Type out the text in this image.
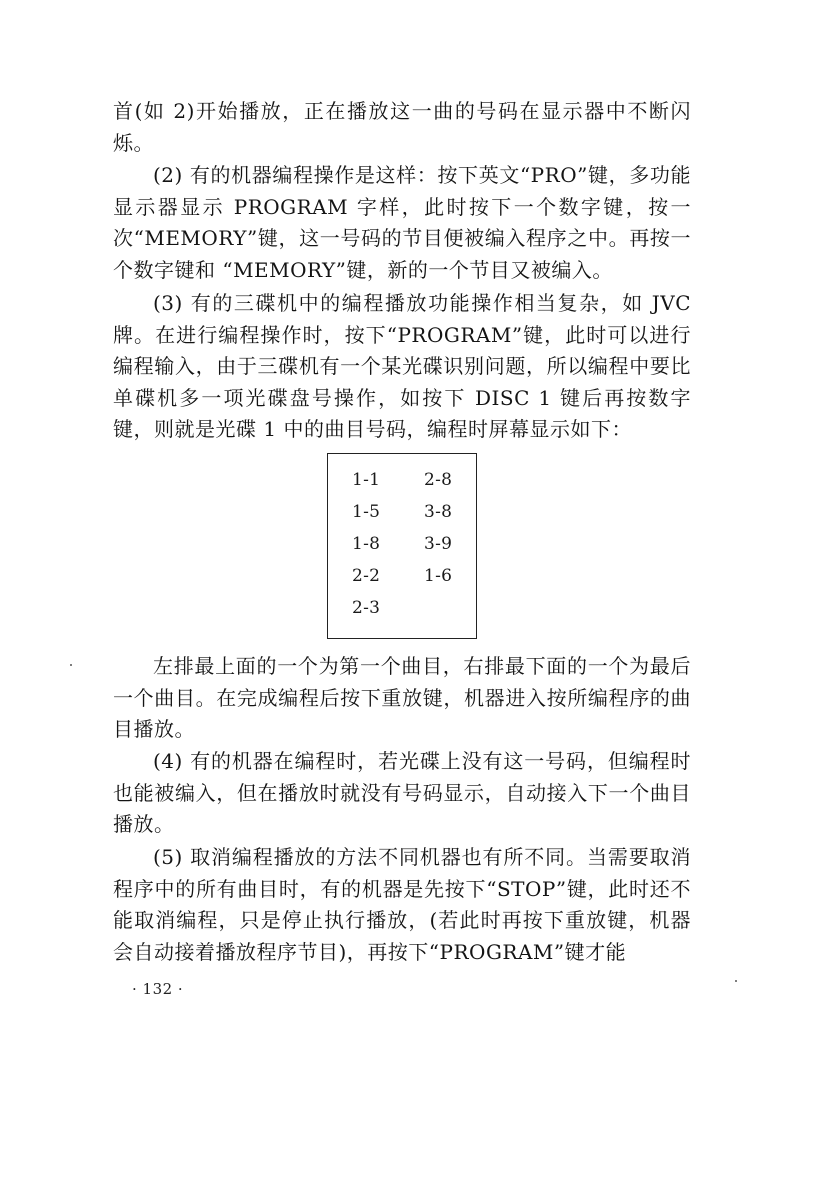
首(如 2)开始播放，正在播放这一曲的号码在显示器中不断闪烁。

(2) 有的机器编程操作是这样：按下英文“PRO”键，多功能显示器显示 PROGRAM 字样，此时按下一个数字键，按一次“MEMORY”键，这一号码的节目便被编入程序之中。再按一个数字键和 “MEMORY”键，新的一个节目又被编入。

(3) 有的三碟机中的编程播放功能操作相当复杂，如 JVC 牌。在进行编程操作时，按下“PROGRAM”键，此时可以进行编程输入，由于三碟机有一个某光碟识别问题，所以编程中要比单碟机多一项光碟盘号操作，如按下 DISC 1 键后再按数字键，则就是光碟 1 中的曲目号码，编程时屏幕显示如下：

1-1
1-5
1-8
2-2
2-3
2-8
3-8
3-9
1-6

左排最上面的一个为第一个曲目，右排最下面的一个为最后一个曲目。在完成编程后按下重放键，机器进入按所编程序的曲目播放。

(4) 有的机器在编程时，若光碟上没有这一号码，但编程时也能被编入，但在播放时就没有号码显示，自动接入下一个曲目播放。

(5) 取消编程播放的方法不同机器也有所不同。当需要取消程序中的所有曲目时，有的机器是先按下“STOP”键，此时还不能取消编程，只是停止执行播放，(若此时再按下重放键，机器会自动接着播放程序节目)，再按下“PROGRAM”键才能

· 132 ·
